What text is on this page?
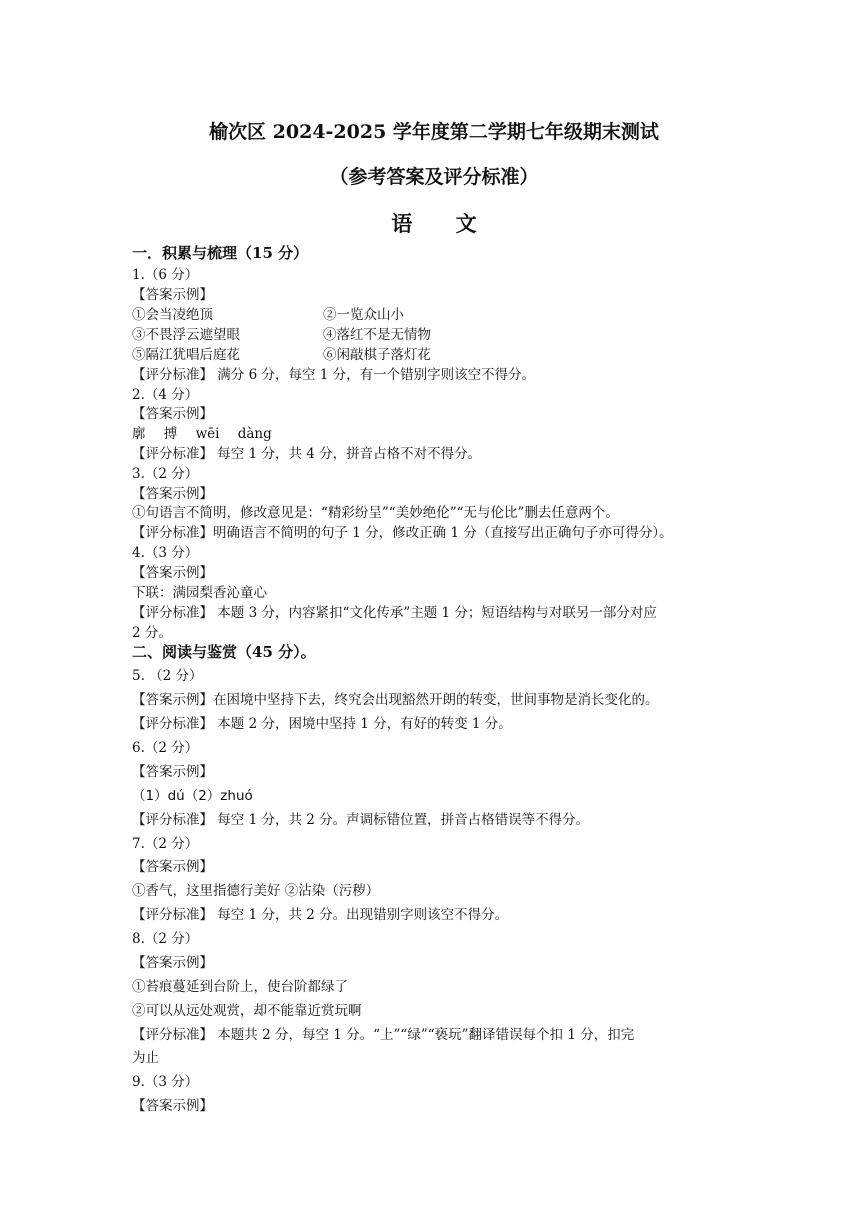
榆次区 2024-2025 学年度第二学期七年级期末测试
（参考答案及评分标准）
语 文
一．积累与梳理（15 分）
1.（6 分）
【答案示例】
①会当凌绝顶	②一览众山小
③不畏浮云遮望眼	④落红不是无情物
⑤隔江犹唱后庭花	⑥闲敲棋子落灯花
【评分标准】 满分 6 分，每空 1 分，有一个错别字则该空不得分。
2.（4 分）
【答案示例】
廓 搏 wēi dàng
【评分标准】 每空 1 分，共 4 分，拼音占格不对不得分。
3.（2 分）
【答案示例】
①句语言不简明，修改意见是：“精彩纷呈”“美妙绝伦”“无与伦比”删去任意两个。
【评分标准】明确语言不简明的句子 1 分，修改正确 1 分（直接写出正确句子亦可得分）。
4.（3 分）
【答案示例】
下联：满园梨香沁童心
【评分标准】 本题 3 分，内容紧扣“文化传承”主题 1 分；短语结构与对联另一部分对应
2 分。
二、阅读与鉴赏（45 分）。
5. （2 分）
【答案示例】在困境中坚持下去，终究会出现豁然开朗的转变，世间事物是消长变化的。
【评分标准】 本题 2 分，困境中坚持 1 分，有好的转变 1 分。
6.（2 分）
【答案示例】
（1）dú（2）zhuó
【评分标准】 每空 1 分，共 2 分。声调标错位置，拼音占格错误等不得分。
7.（2 分）
【答案示例】
①香气，这里指德行美好 ②沾染（污秽）
【评分标准】 每空 1 分，共 2 分。出现错别字则该空不得分。
8.（2 分）
【答案示例】
①苔痕蔓延到台阶上，使台阶都绿了
②可以从远处观赏，却不能靠近赏玩啊
【评分标准】 本题共 2 分，每空 1 分。“上”“绿”“亵玩”翻译错误每个扣 1 分，扣完
为止
9.（3 分）
【答案示例】
